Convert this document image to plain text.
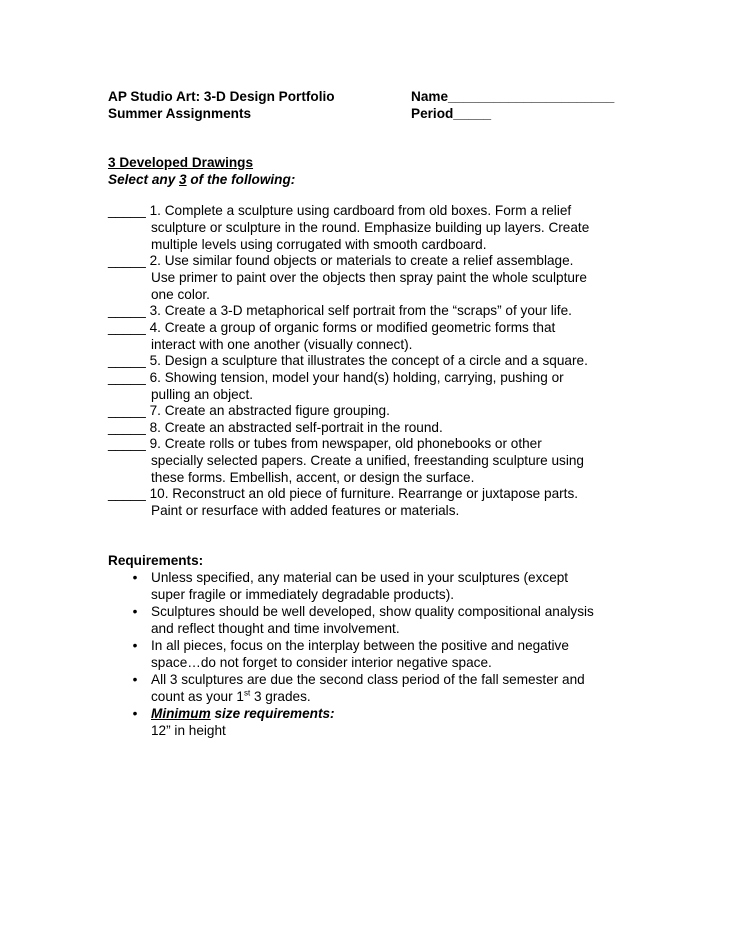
AP Studio Art: 3-D Design Portfolio
Summer Assignments
Name______________________
Period_____
3 Developed Drawings
Select any 3 of the following:
_____ 1. Complete a sculpture using cardboard from old boxes. Form a relief
sculpture or sculpture in the round. Emphasize building up layers. Create
multiple levels using corrugated with smooth cardboard.
_____ 2. Use similar found objects or materials to create a relief assemblage.
Use primer to paint over the objects then spray paint the whole sculpture
one color.
_____ 3. Create a 3-D metaphorical self portrait from the “scraps” of your life.
_____ 4. Create a group of organic forms or modified geometric forms that
interact with one another (visually connect).
_____ 5. Design a sculpture that illustrates the concept of a circle and a square.
_____ 6. Showing tension, model your hand(s) holding, carrying, pushing or
pulling an object.
_____ 7. Create an abstracted figure grouping.
_____ 8. Create an abstracted self-portrait in the round.
_____ 9. Create rolls or tubes from newspaper, old phonebooks or other
specially selected papers. Create a unified, freestanding sculpture using
these forms. Embellish, accent, or design the surface.
_____ 10. Reconstruct an old piece of furniture. Rearrange or juxtapose parts.
Paint or resurface with added features or materials.
Requirements:
• Unless specified, any material can be used in your sculptures (except
super fragile or immediately degradable products).
• Sculptures should be well developed, show quality compositional analysis
and reflect thought and time involvement.
• In all pieces, focus on the interplay between the positive and negative
space…do not forget to consider interior negative space.
• All 3 sculptures are due the second class period of the fall semester and
count as your 1st 3 grades.
• Minimum size requirements:
12” in height
